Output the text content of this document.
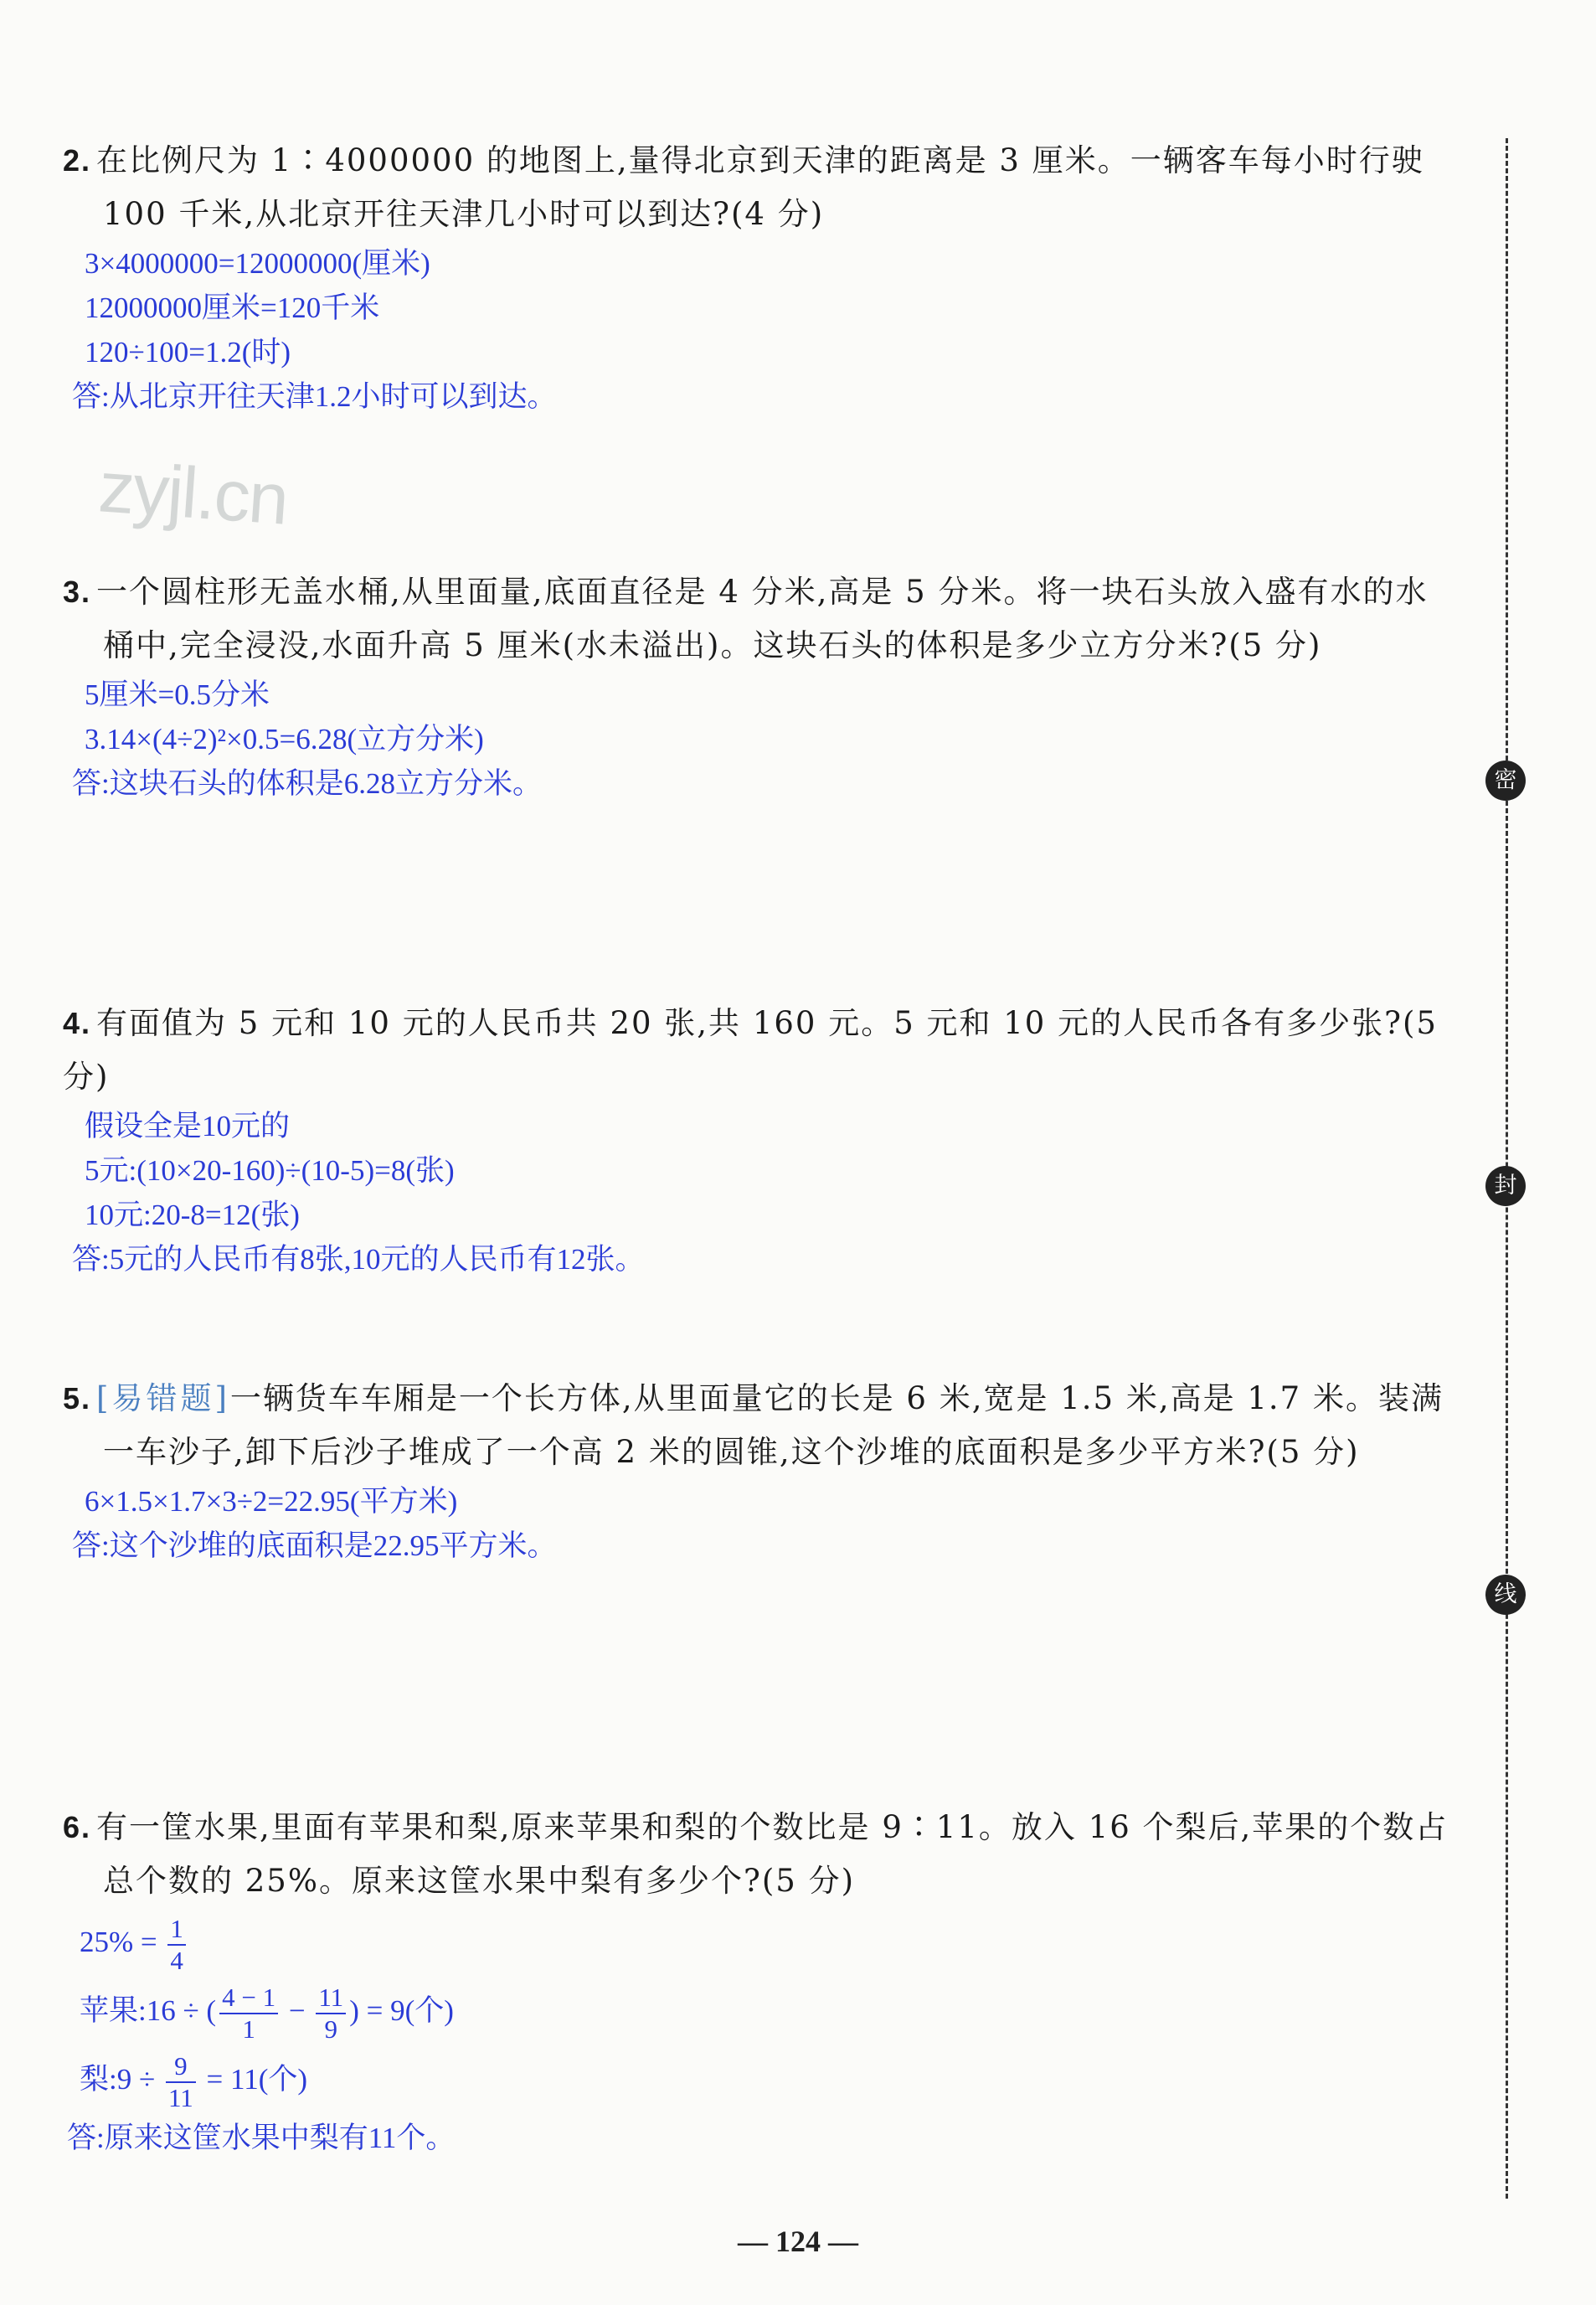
2. 在比例尺为 1∶4000000 的地图上,量得北京到天津的距离是 3 厘米。一辆客车每小时行驶
100 千米,从北京开往天津几小时可以到达?(4 分)

3×4000000=12000000(厘米)
12000000厘米=120千米
120÷100=1.2(时)
答:从北京开往天津1.2小时可以到达。
zyjl.cn

3. 一个圆柱形无盖水桶,从里面量,底面直径是 4 分米,高是 5 分米。将一块石头放入盛有水的水
桶中,完全浸没,水面升高 5 厘米(水未溢出)。这块石头的体积是多少立方分米?(5 分)

5厘米=0.5分米
3.14×(4÷2)²×0.5=6.28(立方分米)
答:这块石头的体积是6.28立方分米。

4. 有面值为 5 元和 10 元的人民币共 20 张,共 160 元。5 元和 10 元的人民币各有多少张?(5 分)

假设全是10元的
5元:(10×20-160)÷(10-5)=8(张)
10元:20-8=12(张)
答:5元的人民币有8张,10元的人民币有12张。

5.[ 易错题 ] 一辆货车车厢是一个长方体,从里面量它的长是 6 米,宽是 1.5 米,高是 1.7 米。装满
一车沙子,卸下后沙子堆成了一个高 2 米的圆锥,这个沙堆的底面积是多少平方米?(5 分)

6×1.5×1.7×3÷2=22.95(平方米)
答:这个沙堆的底面积是22.95平方米。

6. 有一筐水果,里面有苹果和梨,原来苹果和梨的个数比是 9∶11。放入 16 个梨后,苹果的个数占
总个数的 25%。原来这筐水果中梨有多少个?(5 分)

$25\% = \frac{1}{4}$
苹果:16 ÷ ( $\frac{4 - 1}{1} - \frac{11}{9}$ ) = 9(个)
梨:9 ÷ $\frac{9}{11} = 11$(个)
答:原来这筐水果中梨有11个。
密
封
线
— 124 —
